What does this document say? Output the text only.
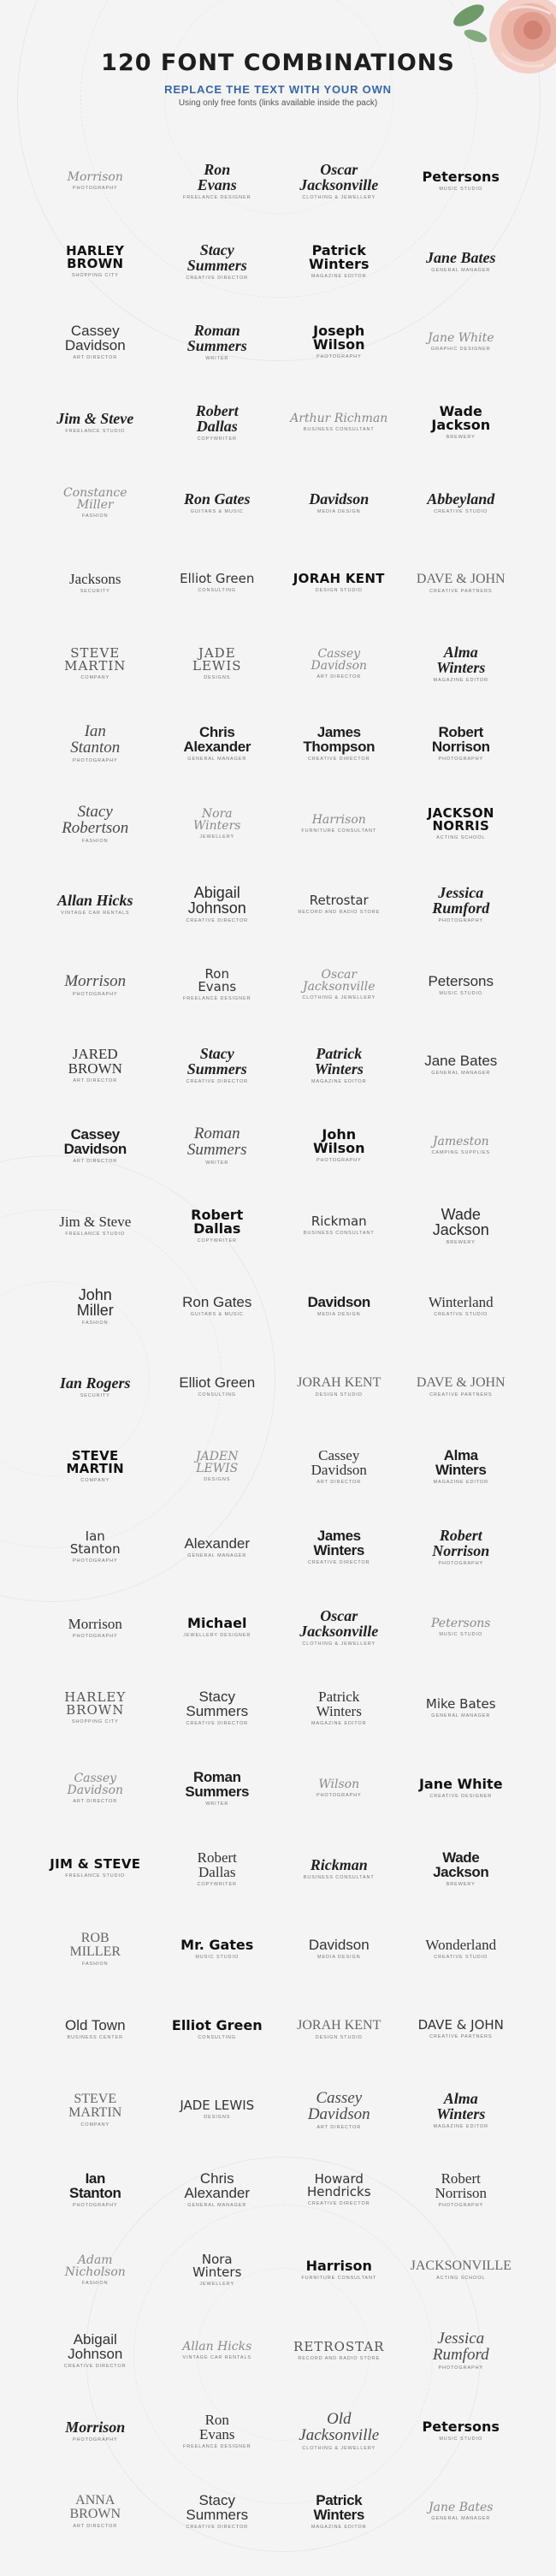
120 FONT COMBINATIONS
REPLACE THE TEXT WITH YOUR OWN
Using only free fonts (links available inside the pack)
Morrison
PHOTOGRAPHY
Ron
Evans
FREELANCE DESIGNER
Oscar
Jacksonville
CLOTHING & JEWELLERY
Petersons
MUSIC STUDIO
HARLEY
BROWN
SHOPPING CITY
Stacy
Summers
CREATIVE DIRECTOR
Patrick
Winters
MAGAZINE EDITOR
Jane Bates
GENERAL MANAGER
Cassey
Davidson
ART DIRECTOR
Roman
Summers
WRITER
Joseph
Wilson
PHOTOGRAPHY
Jane White
GRAPHIC DESIGNER
Jim & Steve
FREELANCE STUDIO
Robert
Dallas
COPYWRITER
Arthur Richman
BUSINESS CONSULTANT
Wade
Jackson
BREWERY
Constance
Miller
FASHION
Ron Gates
GUITARS & MUSIC
Davidson
MEDIA DESIGN
Abbeyland
CREATIVE STUDIO
Jacksons
SECURITY
Elliot Green
CONSULTING
JORAH KENT
DESIGN STUDIO
DAVE & JOHN
CREATIVE PARTNERS
STEVE
MARTIN
COMPANY
JADE
LEWIS
DESIGNS
Cassey
Davidson
ART DIRECTOR
Alma
Winters
MAGAZINE EDITOR
Ian
Stanton
PHOTOGRAPHY
Chris
Alexander
GENERAL MANAGER
James
Thompson
CREATIVE DIRECTOR
Robert
Norrison
PHOTOGRAPHY
Stacy
Robertson
FASHION
Nora
Winters
JEWELLERY
Harrison
FURNITURE CONSULTANT
JACKSON
NORRIS
ACTING SCHOOL
Allan Hicks
VINTAGE CAR RENTALS
Abigail
Johnson
CREATIVE DIRECTOR
Retrostar
RECORD AND RADIO STORE
Jessica
Rumford
PHOTOGRAPHY
Morrison
PHOTOGRAPHY
Ron
Evans
FREELANCE DESIGNER
Oscar
Jacksonville
CLOTHING & JEWELLERY
Petersons
MUSIC STUDIO
JARED
BROWN
ART DIRECTOR
Stacy
Summers
CREATIVE DIRECTOR
Patrick
Winters
MAGAZINE EDITOR
Jane Bates
GENERAL MANAGER
Cassey
Davidson
ART DIRECTOR
Roman
Summers
WRITER
John
Wilson
PHOTOGRAPHY
Jameston
CAMPING SUPPLIES
Jim & Steve
FREELANCE STUDIO
Robert
Dallas
COPYWRITER
Rickman
BUSINESS CONSULTANT
Wade
Jackson
BREWERY
John
Miller
FASHION
Ron Gates
GUITARS & MUSIC
Davidson
MEDIA DESIGN
Winterland
CREATIVE STUDIO
Ian Rogers
SECURITY
Elliot Green
CONSULTING
JORAH KENT
DESIGN STUDIO
DAVE & JOHN
CREATIVE PARTNERS
STEVE
MARTIN
COMPANY
JADEN
LEWIS
DESIGNS
Cassey
Davidson
ART DIRECTOR
Alma
Winters
MAGAZINE EDITOR
Ian
Stanton
PHOTOGRAPHY
Alexander
GENERAL MANAGER
James
Winters
CREATIVE DIRECTOR
Robert
Norrison
PHOTOGRAPHY
Morrison
PHOTOGRAPHY
Michael
JEWELLERY DESIGNER
Oscar
Jacksonville
CLOTHING & JEWELLERY
Petersons
MUSIC STUDIO
HARLEY
BROWN
SHOPPING CITY
Stacy
Summers
CREATIVE DIRECTOR
Patrick
Winters
MAGAZINE EDITOR
Mike Bates
GENERAL MANAGER
Cassey
Davidson
ART DIRECTOR
Roman
Summers
WRITER
Wilson
PHOTOGRAPHY
Jane White
CREATIVE DESIGNER
JIM & STEVE
FREELANCE STUDIO
Robert
Dallas
COPYWRITER
Rickman
BUSINESS CONSULTANT
Wade
Jackson
BREWERY
ROB
MILLER
FASHION
Mr. Gates
MUSIC STUDIO
Davidson
MEDIA DESIGN
Wonderland
CREATIVE STUDIO
Old Town
BUSINESS CENTER
Elliot Green
CONSULTING
JORAH KENT
DESIGN STUDIO
DAVE & JOHN
CREATIVE PARTNERS
STEVE
MARTIN
COMPANY
JADE LEWIS
DESIGNS
Cassey
Davidson
ART DIRECTOR
Alma
Winters
MAGAZINE EDITOR
Ian
Stanton
PHOTOGRAPHY
Chris
Alexander
GENERAL MANAGER
Howard
Hendricks
CREATIVE DIRECTOR
Robert
Norrison
PHOTOGRAPHY
Adam
Nicholson
FASHION
Nora
Winters
JEWELLERY
Harrison
FURNITURE CONSULTANT
JACKSONVILLE
ACTING SCHOOL
Abigail
Johnson
CREATIVE DIRECTOR
Allan Hicks
VINTAGE CAR RENTALS
RETROSTAR
RECORD AND RADIO STORE
Jessica
Rumford
PHOTOGRAPHY
Morrison
PHOTOGRAPHY
Ron
Evans
FREELANCE DESIGNER
Old
Jacksonville
CLOTHING & JEWELLERY
Petersons
MUSIC STUDIO
ANNA
BROWN
ART DIRECTOR
Stacy
Summers
CREATIVE DIRECTOR
Patrick
Winters
MAGAZINE EDITOR
Jane Bates
GENERAL MANAGER
